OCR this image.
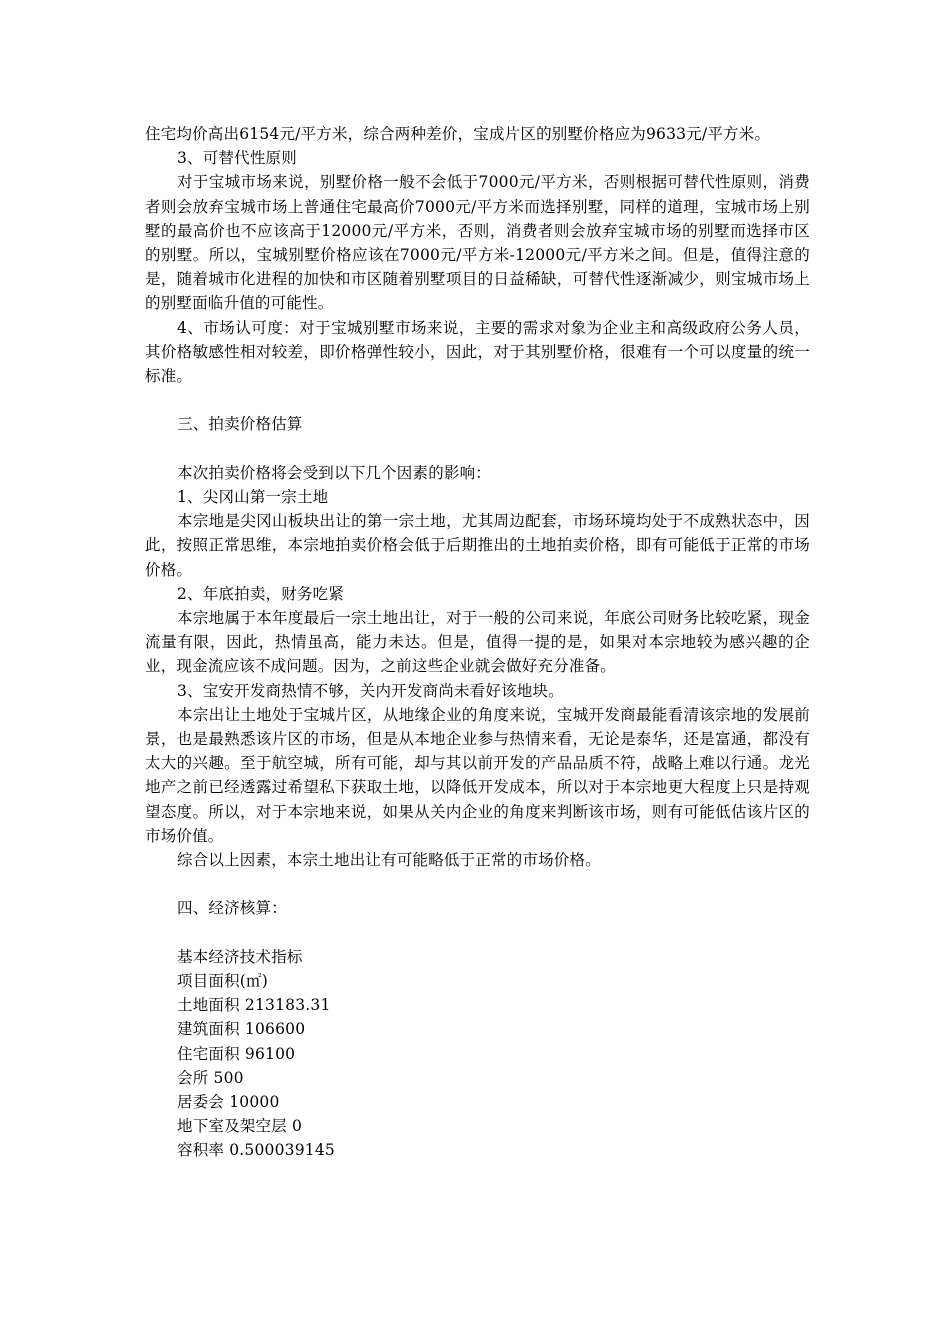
住宅均价高出6154元/平方米，综合两种差价，宝成片区的别墅价格应为9633元/平方米。

3、可替代性原则

对于宝城市场来说，别墅价格一般不会低于7000元/平方米，否则根据可替代性原则，消费者则会放弃宝城市场上普通住宅最高价7000元/平方米而选择别墅，同样的道理，宝城市场上别墅的最高价也不应该高于12000元/平方米，否则，消费者则会放弃宝城市场的别墅而选择市区的别墅。所以，宝城别墅价格应该在7000元/平方米-12000元/平方米之间。但是，值得注意的是，随着城市化进程的加快和市区随着别墅项目的日益稀缺，可替代性逐渐减少，则宝城市场上的别墅面临升值的可能性。

4、市场认可度：对于宝城别墅市场来说，主要的需求对象为企业主和高级政府公务人员，其价格敏感性相对较差，即价格弹性较小，因此，对于其别墅价格，很难有一个可以度量的统一标准。

三、拍卖价格估算
本次拍卖价格将会受到以下几个因素的影响：
1、尖冈山第一宗土地

本宗地是尖冈山板块出让的第一宗土地，尤其周边配套，市场环境均处于不成熟状态中，因此，按照正常思维，本宗地拍卖价格会低于后期推出的土地拍卖价格，即有可能低于正常的市场价格。

2、年底拍卖，财务吃紧

本宗地属于本年度最后一宗土地出让，对于一般的公司来说，年底公司财务比较吃紧，现金流量有限，因此，热情虽高，能力未达。但是，值得一提的是，如果对本宗地较为感兴趣的企业，现金流应该不成问题。因为，之前这些企业就会做好充分准备。

3、宝安开发商热情不够，关内开发商尚未看好该地块。

本宗出让土地处于宝城片区，从地缘企业的角度来说，宝城开发商最能看清该宗地的发展前景，也是最熟悉该片区的市场，但是从本地企业参与热情来看，无论是泰华，还是富通，都没有太大的兴趣。至于航空城，所有可能，却与其以前开发的产品品质不符，战略上难以行通。龙光地产之前已经透露过希望私下获取土地，以降低开发成本，所以对于本宗地更大程度上只是持观望态度。所以，对于本宗地来说，如果从关内企业的角度来判断该市场，则有可能低估该片区的市场价值。

综合以上因素，本宗土地出让有可能略低于正常的市场价格。
四、经济核算：
基本经济技术指标
项目面积(㎡)
土地面积 213183.31
建筑面积 106600
住宅面积 96100
会所 500
居委会 10000
地下室及架空层 0
容积率 0.500039145
